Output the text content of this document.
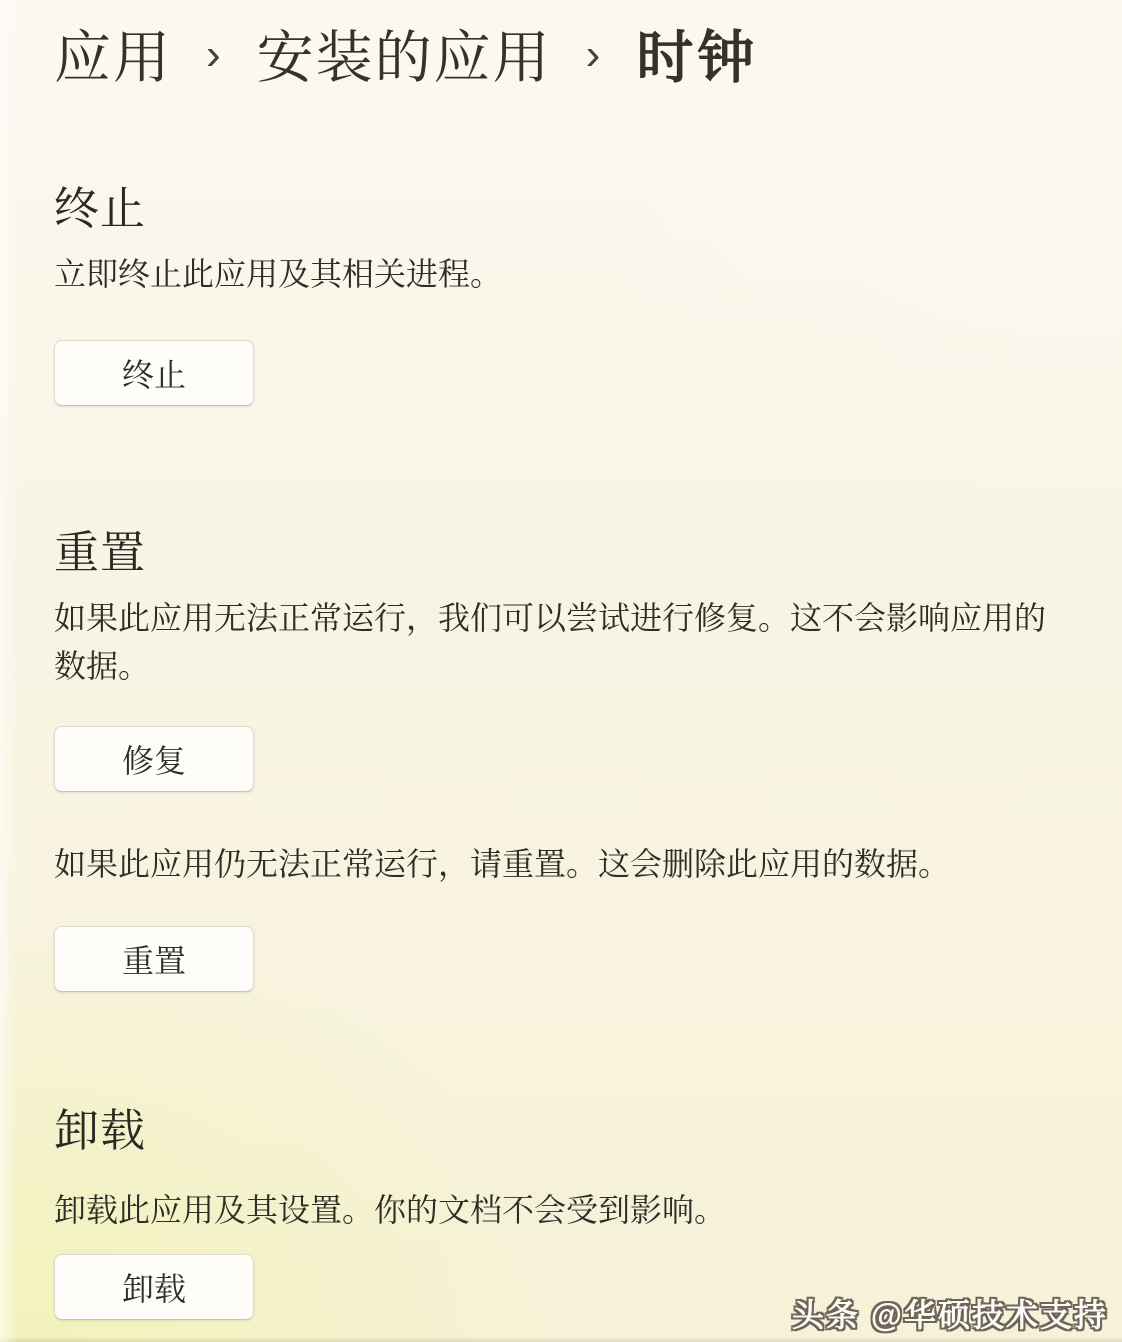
应用 › 安装的应用 › 时钟
终止

立即终止此应用及其相关进程。

终止
重置

如果此应用无法正常运行，我们可以尝试进行修复。这不会影响应用的数据。

修复

如果此应用仍无法正常运行，请重置。这会删除此应用的数据。

重置
卸载

卸载此应用及其设置。你的文档不会受到影响。

卸载
头条 @华硕技术支持
